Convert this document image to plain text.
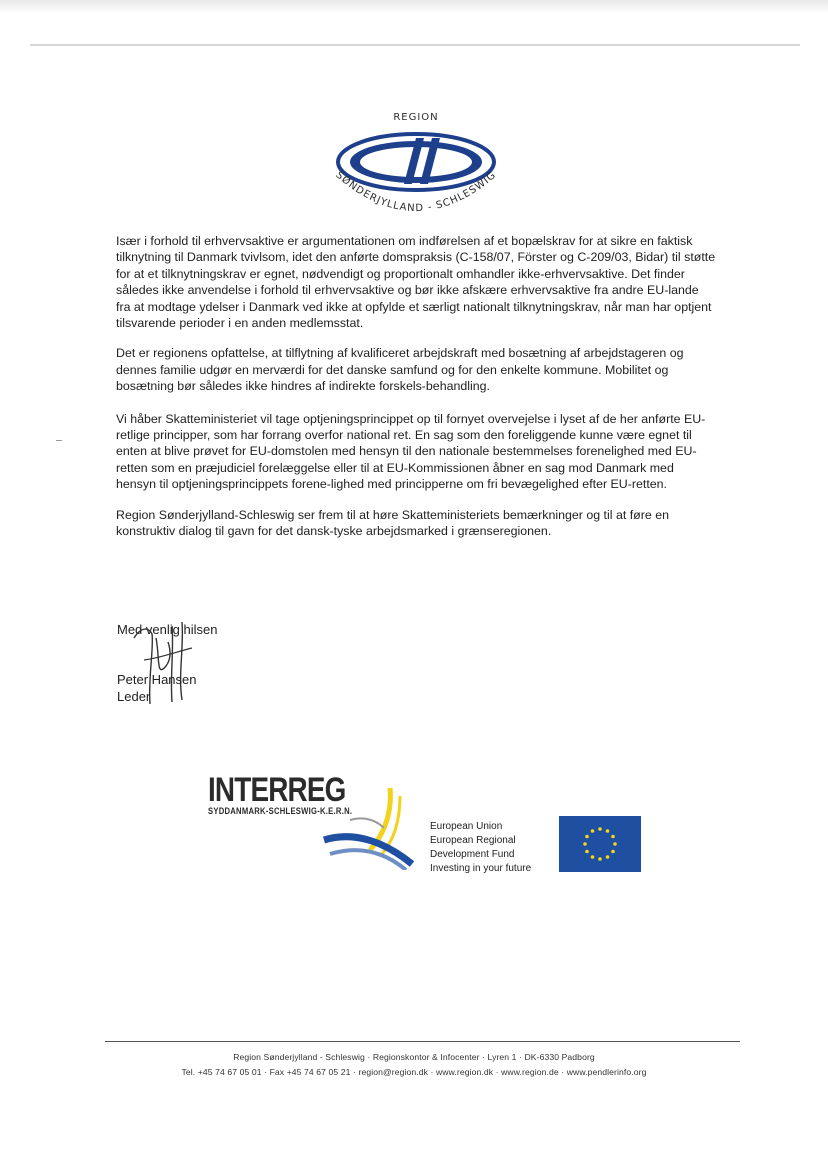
REGION
SØNDERJYLLAND - SCHLESWIG

Især i forhold til erhvervsaktive er argumentationen om indførelsen af et bopælskrav for at sikre en faktisk tilknytning til Danmark tvivlsom, idet den anførte domspraksis (C-158/07, Förster og C-209/03, Bidar) til støtte for at et tilknytningskrav er egnet, nødvendigt og proportionalt omhandler ikke-erhvervsaktive. Det finder således ikke anvendelse i forhold til erhvervsaktive og bør ikke afskære erhvervsaktive fra andre EU-lande fra at modtage ydelser i Danmark ved ikke at opfylde et særligt nationalt tilknytningskrav, når man har optjent tilsvarende perioder i en anden medlemsstat.

Det er regionens opfattelse, at tilflytning af kvalificeret arbejdskraft med bosætning af arbejdstageren og dennes familie udgør en merværdi for det danske samfund og for den enkelte kommune. Mobilitet og bosætning bør således ikke hindres af indirekte forskels-behandling.

Vi håber Skatteministeriet vil tage optjeningsprincippet op til fornyet overvejelse i lyset af de her anførte EU-retlige principper, som har forrang overfor national ret. En sag som den foreliggende kunne være egnet til enten at blive prøvet for EU-domstolen med hensyn til den nationale bestemmelses forenelighed med EU-retten som en præjudiciel forelæggelse eller til at EU-Kommissionen åbner en sag mod Danmark med hensyn til optjeningsprincippets forene-lighed med principperne om fri bevægelighed efter EU-retten.

Region Sønderjylland-Schleswig ser frem til at høre Skatteministeriets bemærkninger og til at føre en konstruktiv dialog til gavn for det dansk-tyske arbejdsmarked i grænseregionen.

Med venlig hilsen
Peter Hansen
Leder
INTERREG
SYDDANMARK-SCHLESWIG-K.E.R.N.
European Union
European Regional
Development Fund
Investing in your future
Region Sønderjylland - Schleswig · Regionskontor & Infocenter · Lyren 1 · DK-6330 Padborg
Tel. +45 74 67 05 01 · Fax +45 74 67 05 21 · region@region.dk · www.region.dk · www.region.de · www.pendlerinfo.org
